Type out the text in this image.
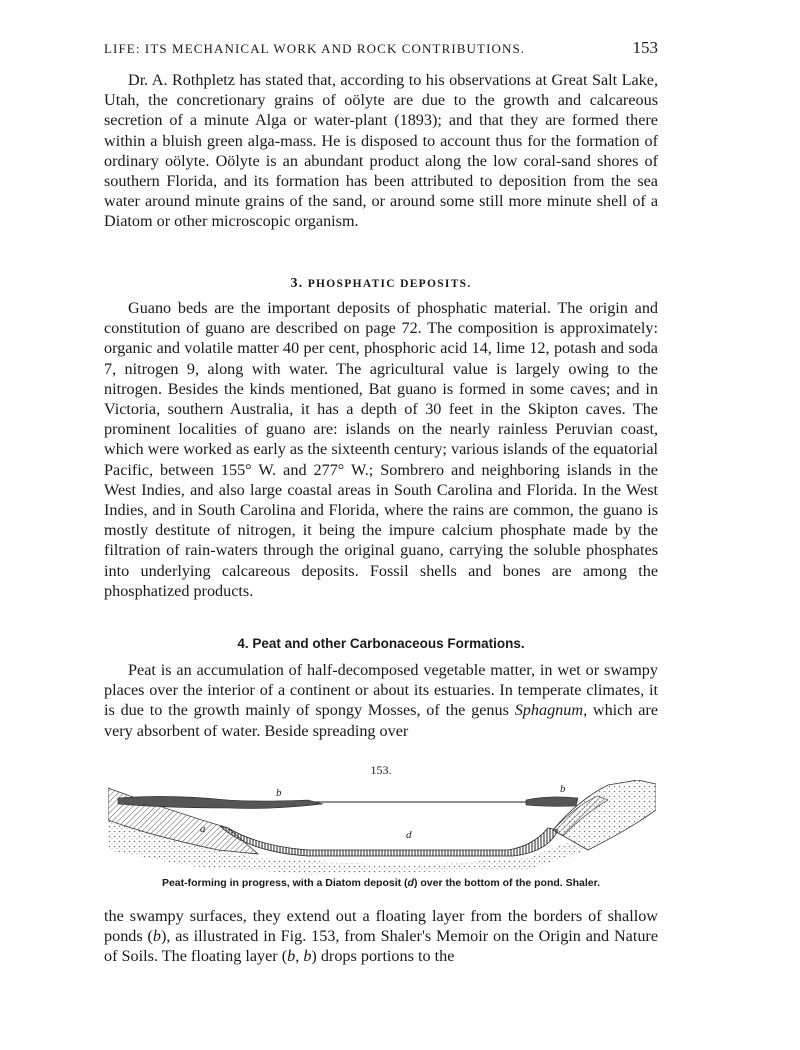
LIFE: ITS MECHANICAL WORK AND ROCK CONTRIBUTIONS.	153

Dr. A. Rothpletz has stated that, according to his observations at Great Salt Lake, Utah, the concretionary grains of oölyte are due to the growth and calcareous secretion of a minute Alga or water-plant (1893); and that they are formed there within a bluish green alga-mass. He is disposed to account thus for the formation of ordinary oölyte. Oölyte is an abundant product along the low coral-sand shores of southern Florida, and its formation has been attributed to deposition from the sea water around minute grains of the sand, or around some still more minute shell of a Diatom or other microscopic organism.

3. PHOSPHATIC DEPOSITS.

Guano beds are the important deposits of phosphatic material. The origin and constitution of guano are described on page 72. The composition is approximately: organic and volatile matter 40 per cent, phosphoric acid 14, lime 12, potash and soda 7, nitrogen 9, along with water. The agricultural value is largely owing to the nitrogen. Besides the kinds mentioned, Bat guano is formed in some caves; and in Victoria, southern Australia, it has a depth of 30 feet in the Skipton caves. The prominent localities of guano are: islands on the nearly rainless Peruvian coast, which were worked as early as the sixteenth century; various islands of the equatorial Pacific, between 155° W. and 277° W.; Sombrero and neighboring islands in the West Indies, and also large coastal areas in South Carolina and Florida. In the West Indies, and in South Carolina and Florida, where the rains are common, the guano is mostly destitute of nitrogen, it being the impure calcium phosphate made by the filtration of rain-waters through the original guano, carrying the soluble phosphates into underlying calcareous deposits. Fossil shells and bones are among the phosphatized products.

4. Peat and other Carbonaceous Formations.

Peat is an accumulation of half-decomposed vegetable matter, in wet or swampy places over the interior of a continent or about its estuaries. In temperate climates, it is due to the growth mainly of spongy Mosses, of the genus Sphagnum, which are very absorbent of water. Beside spreading over

153.
a
b	b
d
Peat-forming in progress, with a Diatom deposit (d) over the bottom of the pond. Shaler.

the swampy surfaces, they extend out a floating layer from the borders of shallow ponds (b), as illustrated in Fig. 153, from Shaler's Memoir on the Origin and Nature of Soils. The floating layer (b, b) drops portions to the
